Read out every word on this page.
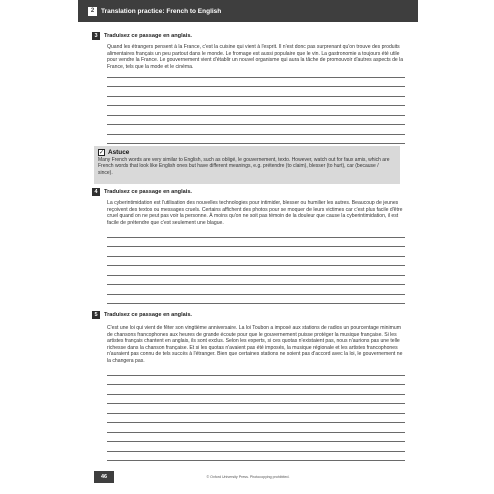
2	Translation practice: French to English
3	Traduisez ce passage en anglais.

Quand les étrangers pensent à la France, c'est la cuisine qui vient à l'esprit. Il n'est donc pas surprenant qu'on trouve des produits alimentaires français un peu partout dans le monde. Le fromage est aussi populaire que le vin. La gastronomie a toujours été utile pour vendre la France. Le gouvernement vient d'établir un nouvel organisme qui aura la tâche de promouvoir d'autres aspects de la France, tels que la mode et le cinéma.

✓ Astuce

Many French words are very similar to English, such as obligé, le gouvernement, texto. However, watch out for faux amis, which are French words that look like English ones but have different meanings, e.g. prétendre (to claim), blesser (to hurt), car (because / since).

4	Traduisez ce passage en anglais.

La cyberintimidation est l'utilisation des nouvelles technologies pour intimider, blesser ou humilier les autres. Beaucoup de jeunes reçoivent des textos ou messages cruels. Certains affichent des photos pour se moquer de leurs victimes car c'est plus facile d'être cruel quand on ne peut pas voir la personne. À moins qu'on ne soit pas témoin de la douleur que cause la cyberintimidation, il est facile de prétendre que c'est seulement une blague.

5	Traduisez ce passage en anglais.

C'est une loi qui vient de fêter son vingtième anniversaire. La loi Toubon a imposé aux stations de radios un pourcentage minimum de chansons francophones aux heures de grande écoute pour que le gouvernement puisse protéger la musique française. Si les artistes français chantent en anglais, ils sont exclus. Selon les experts, si ces quotas n'existaient pas, nous n'aurions pas une telle richesse dans la chanson française. Et si les quotas n'avaient pas été imposés, la musique régionale et les artistes francophones n'auraient pas connu de tels succès à l'étranger. Bien que certaines stations ne soient pas d'accord avec la loi, le gouvernement ne la changera pas.

46	© Oxford University Press. Photocopying prohibited.
